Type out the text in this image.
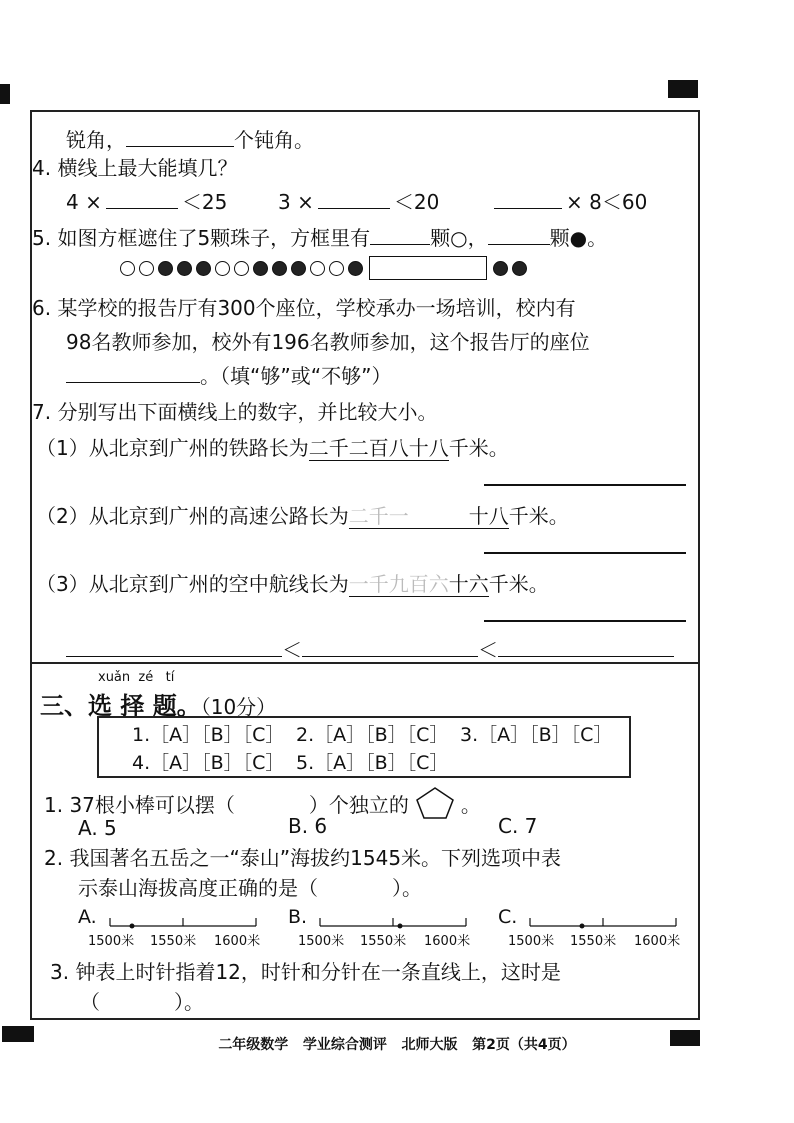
锐角，	个钝角。
4. 横线上最大能填几？
4 ×	＜25	3 ×	＜20	× 8＜60
5. 如图方框遮住了5颗珠子，方框里有	颗○，	颗●。
6. 某学校的报告厅有300个座位，学校承办一场培训，校内有
98名教师参加，校外有196名教师参加，这个报告厅的座位
。（填“够”或“不够”）
7. 分别写出下面横线上的数字，并比较大小。
（1）从北京到广州的铁路长为二千二百八十八千米。
（2）从北京到广州的高速公路长为二千一	十八千米。
（3）从北京到广州的空中航线长为一千九百六十六千米。
＜	＜
xuǎn  zé   tí
三、选 择 题。（10分）
1.［A］［B］［C］ 2.［A］［B］［C］ 3.［A］［B］［C］
4.［A］［B］［C］ 5.［A］［B］［C］
1. 37根小棒可以摆（	）个独立的	。
A. 5	B. 6	C. 7
2. 我国著名五岳之一“泰山”海拔约1545米。下列选项中表
示泰山海拔高度正确的是（	）。
A.
1500米 1550米 1600米
B.
1500米 1550米 1600米
C.
1500米 1550米 1600米
3. 钟表上时针指着12，时针和分针在一条直线上，这时是
（	）。
二年级数学   学业综合测评   北师大版   第2页（共4页）
